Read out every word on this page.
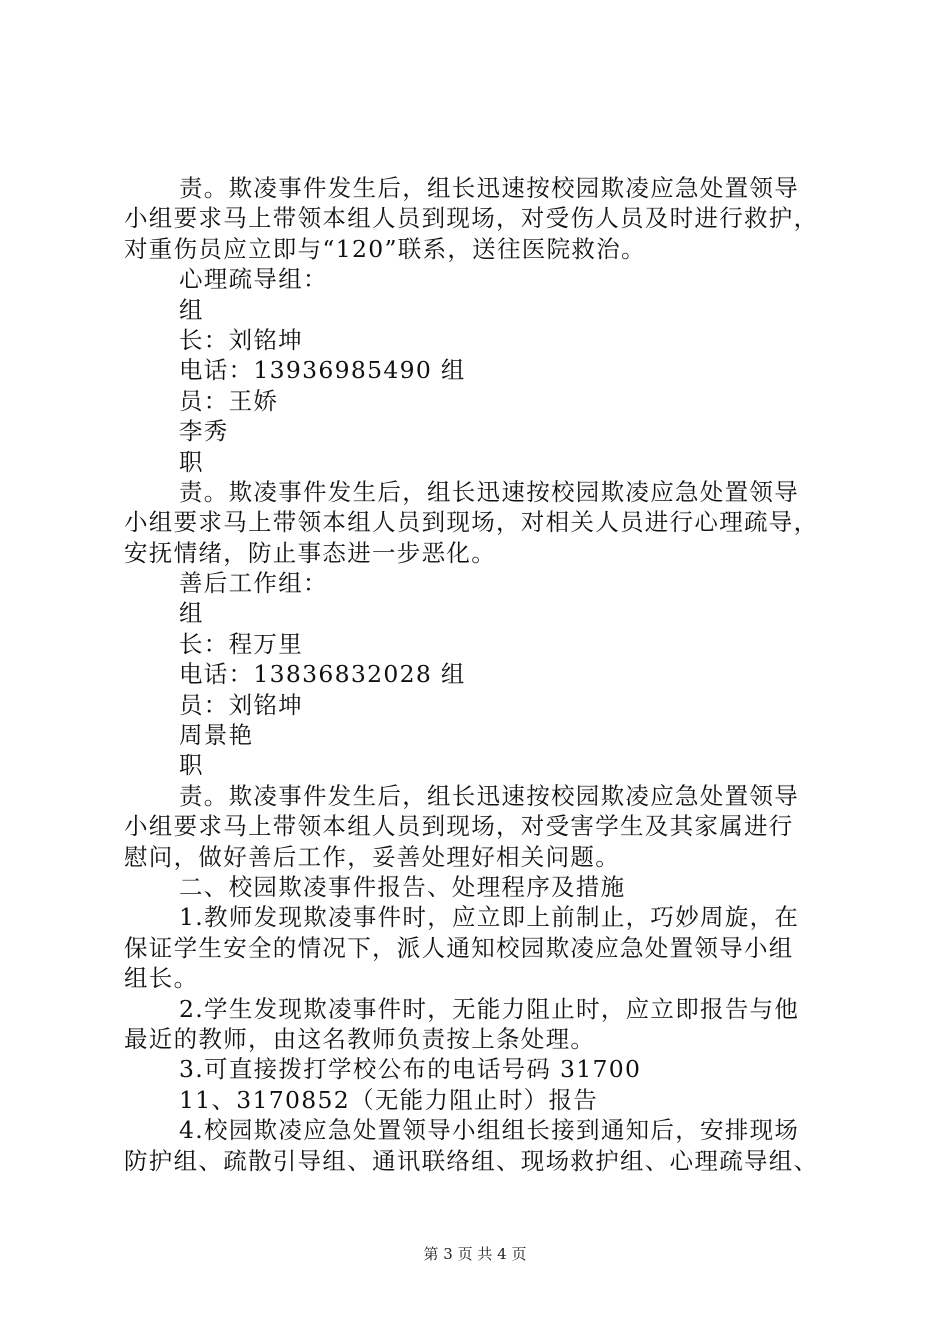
责。欺凌事件发生后，组长迅速按校园欺凌应急处置领导
小组要求马上带领本组人员到现场，对受伤人员及时进行救护，
对重伤员应立即与“120”联系，送往医院救治。
心理疏导组：
组
长：刘铭坤
电话：13936985490 组
员：王娇
李秀
职
责。欺凌事件发生后，组长迅速按校园欺凌应急处置领导
小组要求马上带领本组人员到现场，对相关人员进行心理疏导，
安抚情绪，防止事态进一步恶化。
善后工作组：
组
长：程万里
电话：13836832028 组
员：刘铭坤
周景艳
职
责。欺凌事件发生后，组长迅速按校园欺凌应急处置领导
小组要求马上带领本组人员到现场，对受害学生及其家属进行
慰问，做好善后工作，妥善处理好相关问题。
二、校园欺凌事件报告、处理程序及措施
1.教师发现欺凌事件时，应立即上前制止，巧妙周旋，在
保证学生安全的情况下，派人通知校园欺凌应急处置领导小组
组长。
2.学生发现欺凌事件时，无能力阻止时，应立即报告与他
最近的教师，由这名教师负责按上条处理。
3.可直接拨打学校公布的电话号码 31700
11、3170852（无能力阻止时）报告
4.校园欺凌应急处置领导小组组长接到通知后，安排现场
防护组、疏散引导组、通讯联络组、现场救护组、心理疏导组、
第 3 页 共 4 页
